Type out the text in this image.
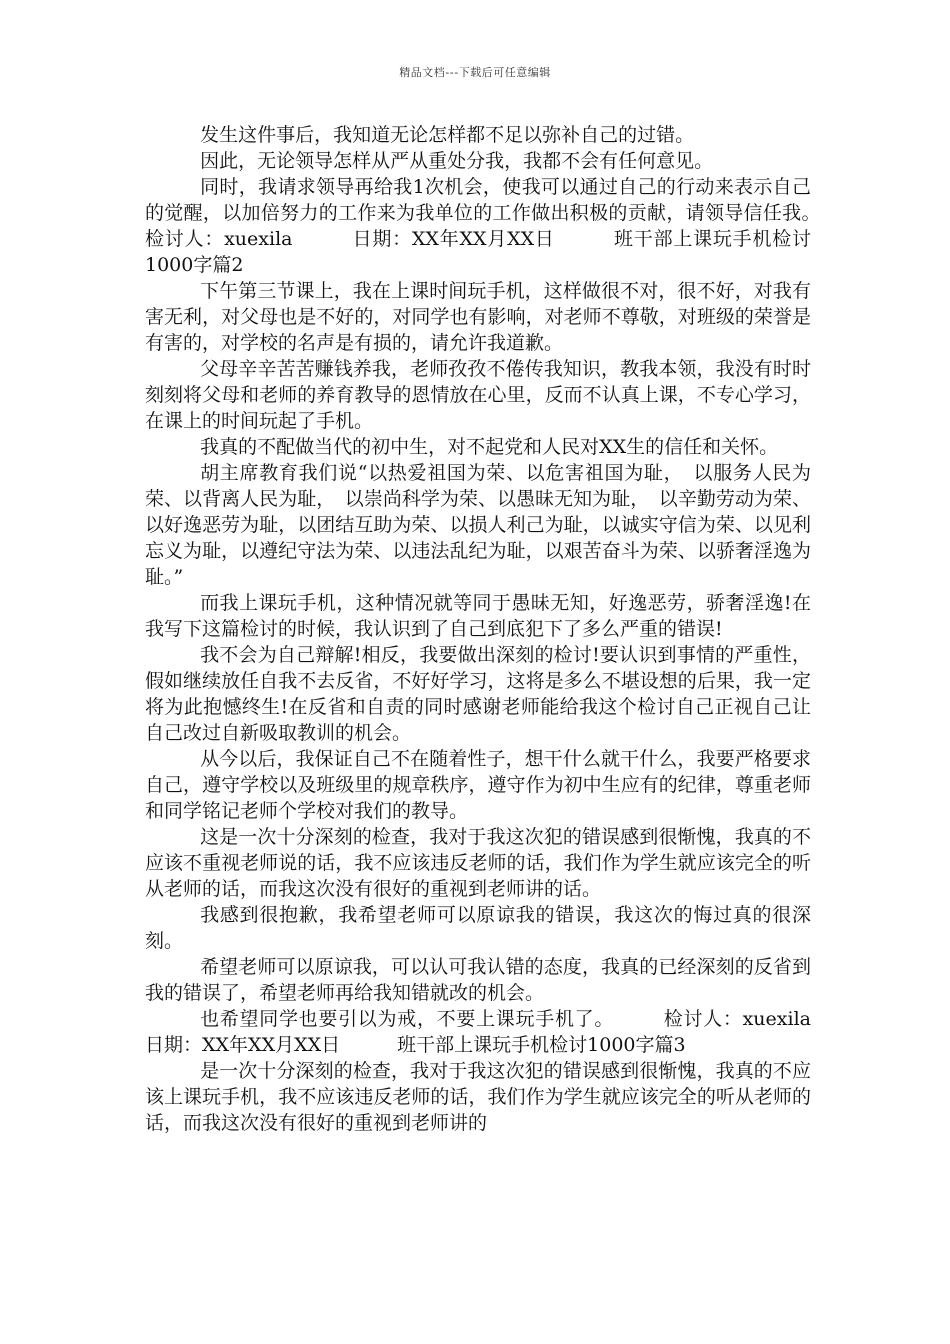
精品文档---下载后可任意编辑

发生这件事后，我知道无论怎样都不足以弥补自己的过错。

因此，无论领导怎样从严从重处分我，我都不会有任何意见。

同时，我请求领导再给我1次机会，使我可以通过自己的行动来表示自己的觉醒，以加倍努力的工作来为我单位的工作做出积极的贡献，请领导信任我。　　　检讨人：xuexila　　　日期：XX年XX月XX日　　　班干部上课玩手机检讨1000字篇2

下午第三节课上，我在上课时间玩手机，这样做很不对，很不好，对我有害无利，对父母也是不好的，对同学也有影响，对老师不尊敬，对班级的荣誉是有害的，对学校的名声是有损的，请允许我道歉。

父母辛辛苦苦赚钱养我，老师孜孜不倦传我知识，教我本领，我没有时时刻刻将父母和老师的养育教导的恩情放在心里，反而不认真上课，不专心学习，在课上的时间玩起了手机。

我真的不配做当代的初中生，对不起党和人民对XX生的信任和关怀。

胡主席教育我们说“以热爱祖国为荣、以危害祖国为耻，　以服务人民为荣、以背离人民为耻，　以崇尚科学为荣、以愚昧无知为耻，　以辛勤劳动为荣、以好逸恶劳为耻，以团结互助为荣、以损人利己为耻，以诚实守信为荣、以见利忘义为耻，以遵纪守法为荣、以违法乱纪为耻，以艰苦奋斗为荣、以骄奢淫逸为耻。”

而我上课玩手机，这种情况就等同于愚昧无知，好逸恶劳，骄奢淫逸!在我写下这篇检讨的时候，我认识到了自己到底犯下了多么严重的错误!

我不会为自己辩解!相反，我要做出深刻的检讨!要认识到事情的严重性，假如继续放任自我不去反省，不好好学习，这将是多么不堪设想的后果，我一定将为此抱憾终生!在反省和自责的同时感谢老师能给我这个检讨自己正视自己让自己改过自新吸取教训的机会。

从今以后，我保证自己不在随着性子，想干什么就干什么，我要严格要求自己，遵守学校以及班级里的规章秩序，遵守作为初中生应有的纪律，尊重老师和同学铭记老师个学校对我们的教导。

这是一次十分深刻的检查，我对于我这次犯的错误感到很惭愧，我真的不应该不重视老师说的话，我不应该违反老师的话，我们作为学生就应该完全的听从老师的话，而我这次没有很好的重视到老师讲的话。

我感到很抱歉，我希望老师可以原谅我的错误，我这次的悔过真的很深刻。

希望老师可以原谅我，可以认可我认错的态度，我真的已经深刻的反省到我的错误了，希望老师再给我知错就改的机会。

也希望同学也要引以为戒，不要上课玩手机了。　　　检讨人：xuexila　　　日期：XX年XX月XX日　　　班干部上课玩手机检讨1000字篇3

是一次十分深刻的检查，我对于我这次犯的错误感到很惭愧，我真的不应该上课玩手机，我不应该违反老师的话，我们作为学生就应该完全的听从老师的话，而我这次没有很好的重视到老师讲的
